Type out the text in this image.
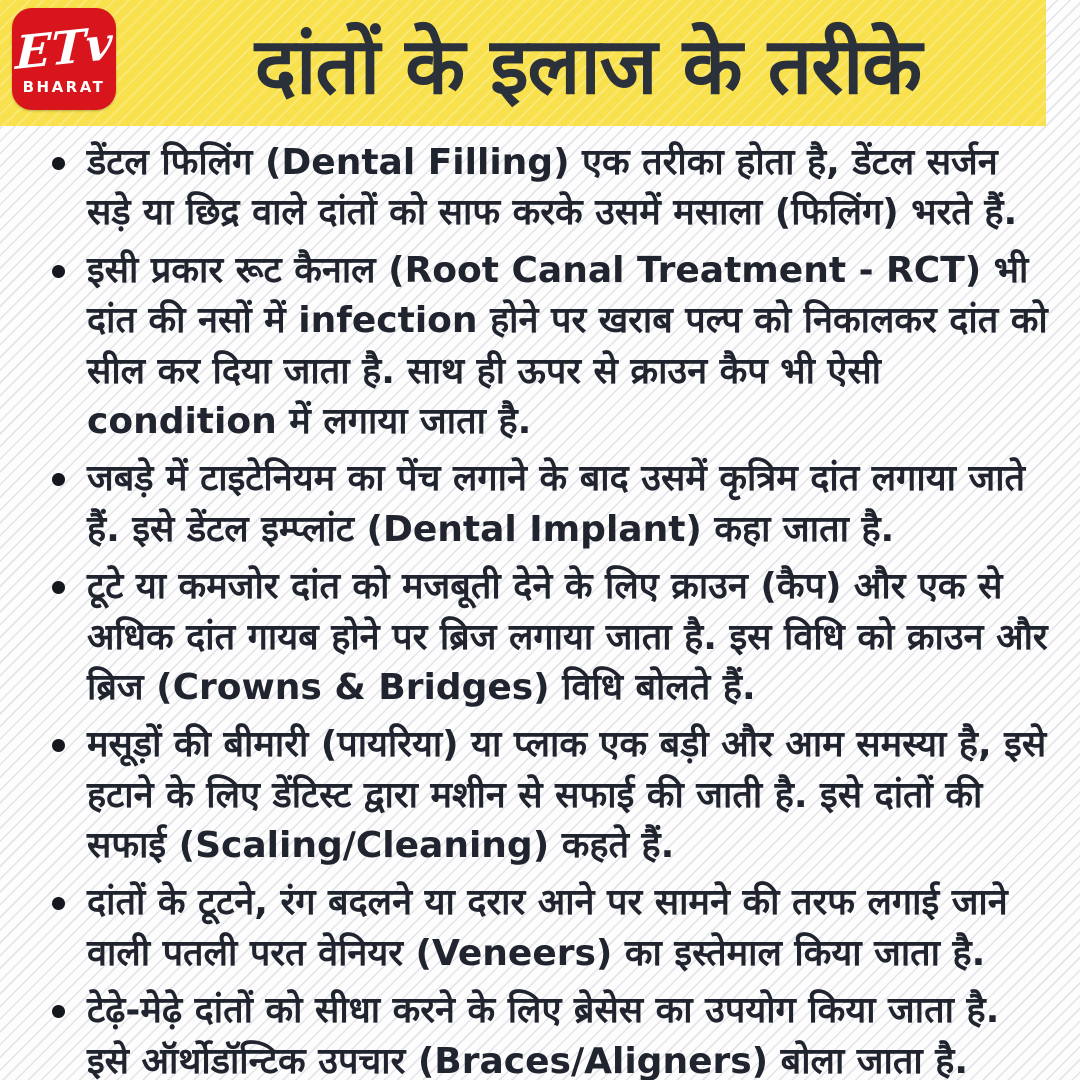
ETv
BHARAT	दांतों के इलाज के तरीके
डेंटल फिलिंग (Dental Filling) एक तरीका होता है, डेंटल सर्जन सड़े या छिद्र वाले दांतों को साफ करके उसमें मसाला (फिलिंग) भरते हैं.
इसी प्रकार रूट कैनाल (Root Canal Treatment - RCT) भी दांत की नसों में infection होने पर खराब पल्प को निकालकर दांत को सील कर दिया जाता है. साथ ही ऊपर से क्राउन कैप भी ऐसी condition में लगाया जाता है.
जबड़े में टाइटेनियम का पेंच लगाने के बाद उसमें कृत्रिम दांत लगाया जाते हैं. इसे डेंटल इम्प्लांट (Dental Implant) कहा जाता है.
टूटे या कमजोर दांत को मजबूती देने के लिए क्राउन (कैप) और एक से अधिक दांत गायब होने पर ब्रिज लगाया जाता है. इस विधि को क्राउन और ब्रिज (Crowns & Bridges) विधि बोलते हैं.
मसूड़ों की बीमारी (पायरिया) या प्लाक एक बड़ी और आम समस्या है, इसे हटाने के लिए डेंटिस्ट द्वारा मशीन से सफाई की जाती है. इसे दांतों की सफाई (Scaling/Cleaning) कहते हैं.
दांतों के टूटने, रंग बदलने या दरार आने पर सामने की तरफ लगाई जाने वाली पतली परत वेनियर (Veneers) का इस्तेमाल किया जाता है.
टेढ़े-मेढ़े दांतों को सीधा करने के लिए ब्रेसेस का उपयोग किया जाता है. इसे ऑर्थोडॉन्टिक उपचार (Braces/Aligners) बोला जाता है.
